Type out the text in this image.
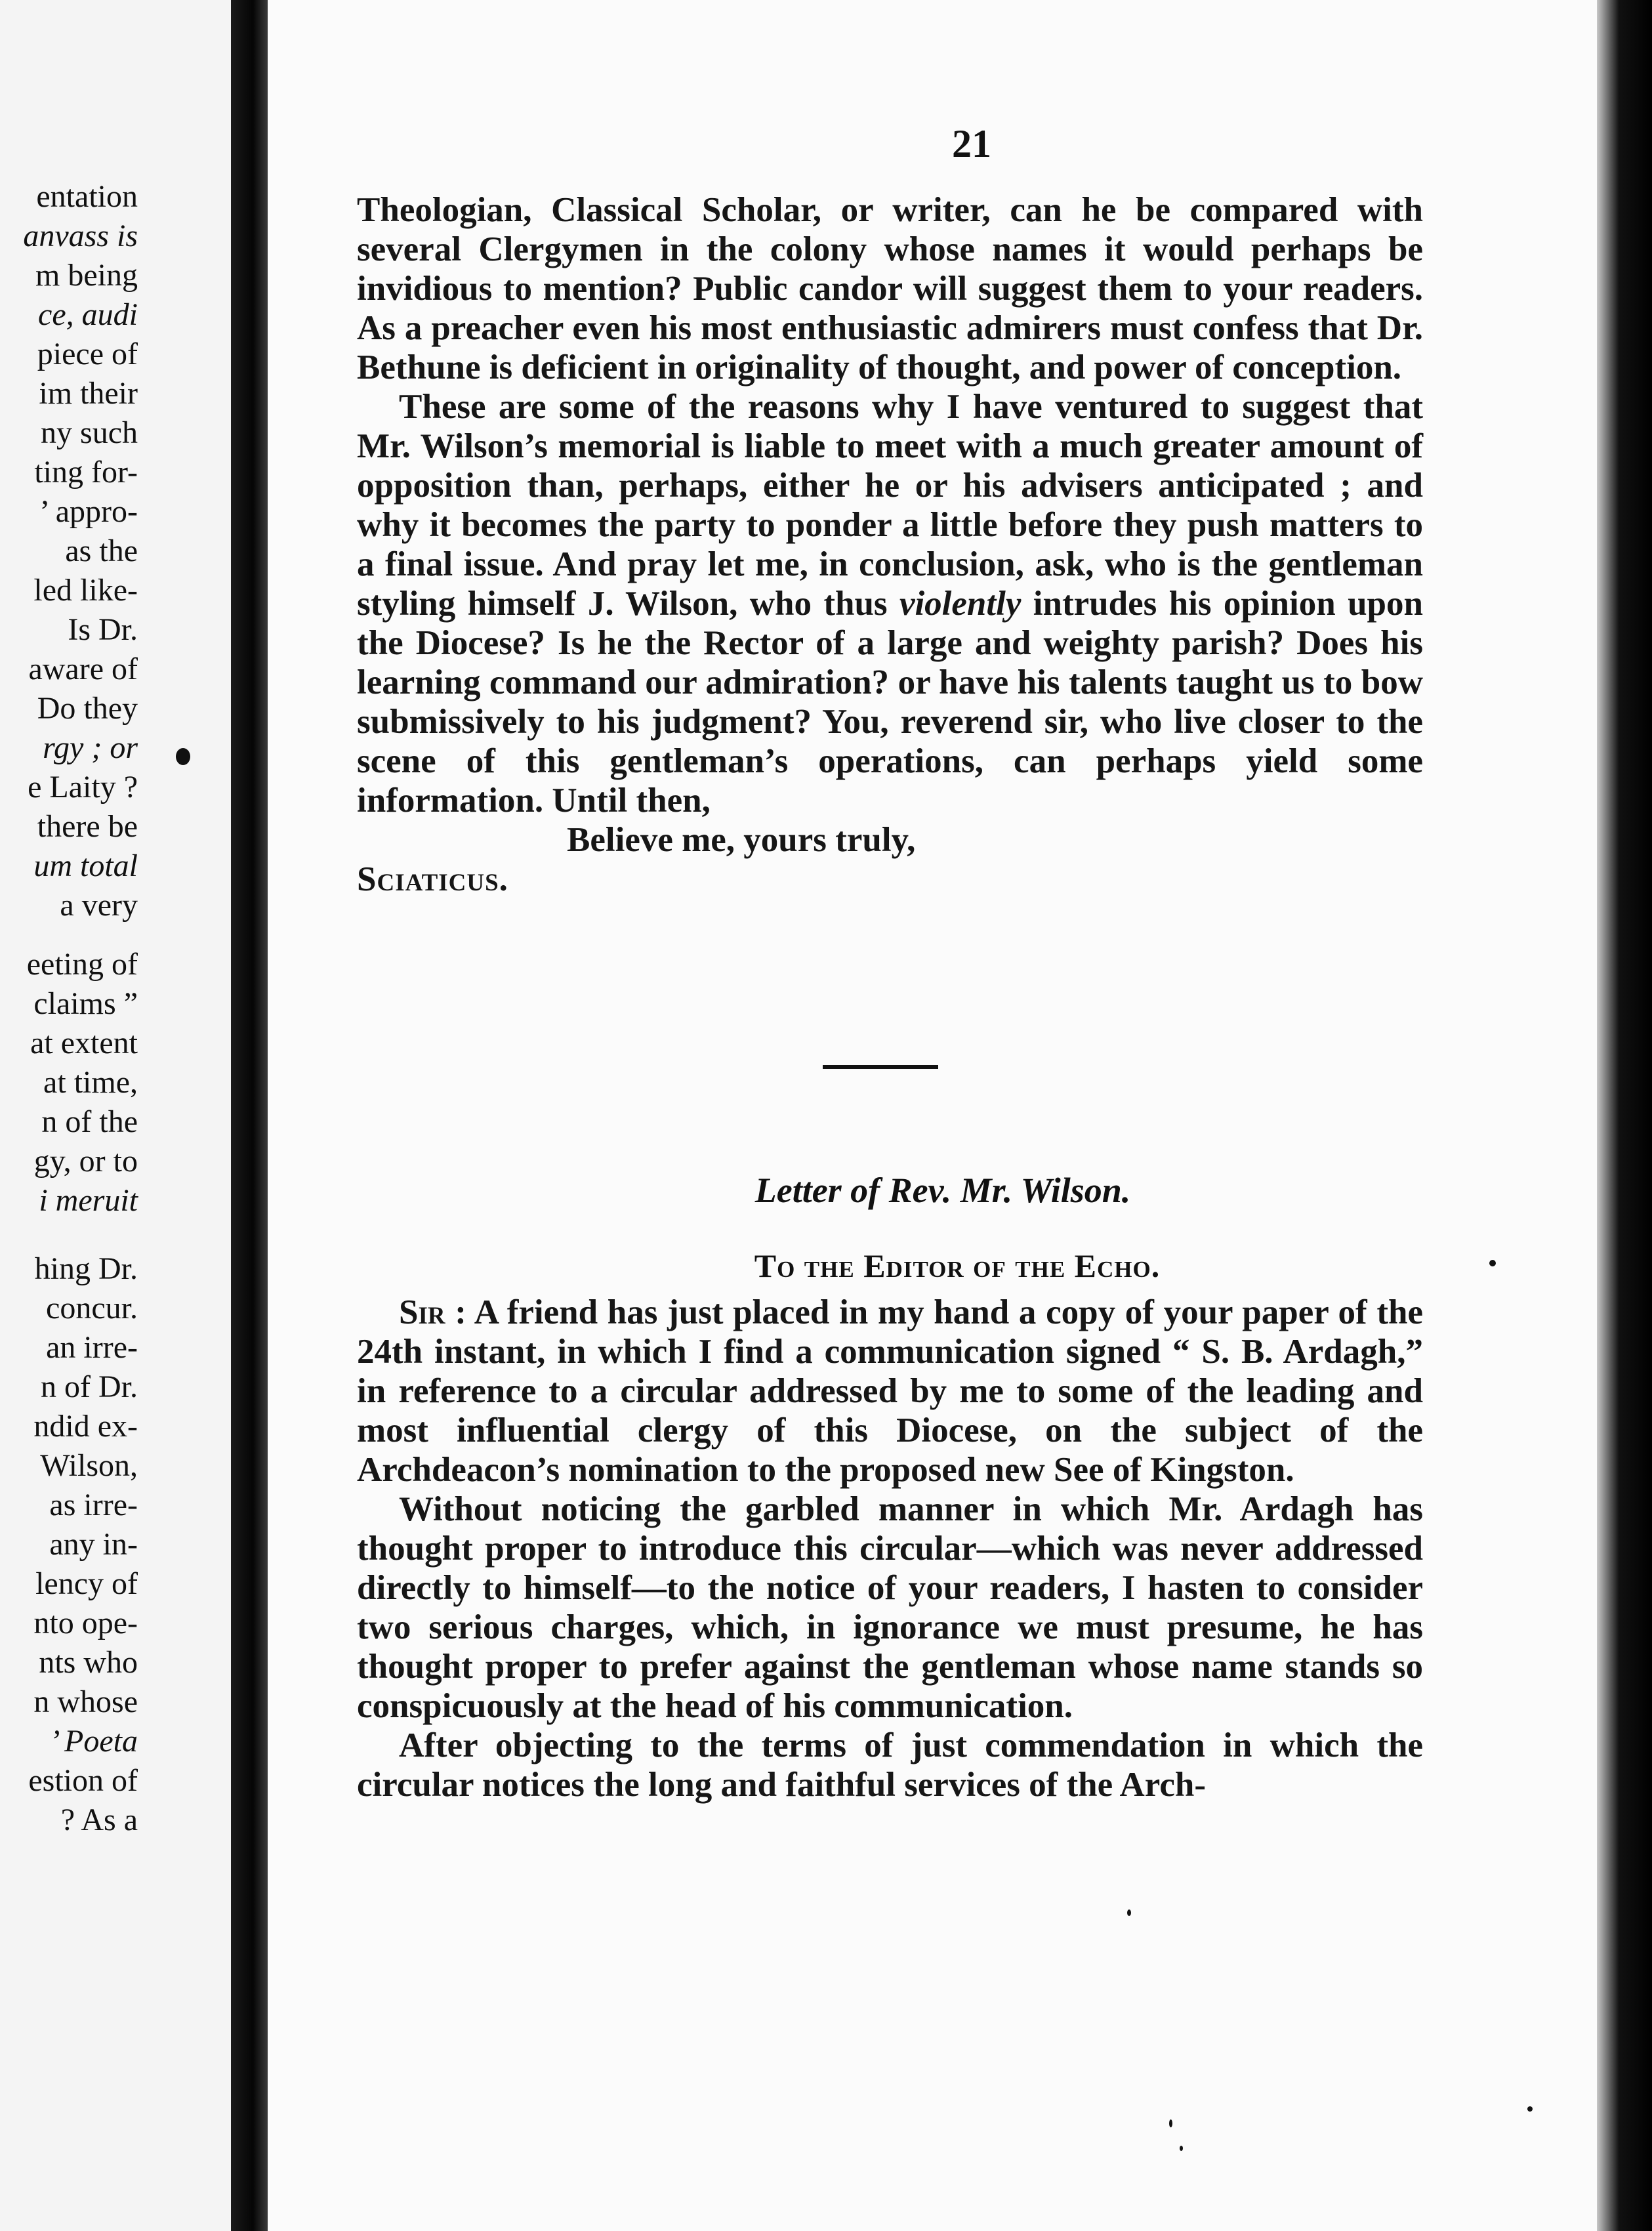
entation
anvass is
m being
ce, audi
piece of
im their
ny such
ting for-
’ appro-
as the
led like-
Is Dr.
aware of
Do they
rgy ; or
e Laity ?
there be
um total
a very
eeting of
claims ”
at extent
at time,
n of the
gy, or to
i meruit
hing Dr.
concur.
an irre-
n of Dr.
ndid ex-
Wilson,
as irre-
any in-
lency of
nto ope-
nts who
n whose
’ Poeta
estion of
? As a
21

Theologian, Classical Scholar, or writer, can he be compared with several Clergymen in the colony whose names it would perhaps be invidious to mention? Public candor will suggest them to your readers. As a preacher even his most enthusiastic admirers must confess that Dr. Bethune is deficient in originality of thought, and power of conception.

These are some of the reasons why I have ventured to suggest that Mr. Wilson’s memorial is liable to meet with a much greater amount of opposition than, perhaps, either he or his advisers anticipated ; and why it becomes the party to ponder a little before they push matters to a final issue. And pray let me, in conclusion, ask, who is the gentleman styling himself J. Wilson, who thus violently intrudes his opinion upon the Diocese? Is he the Rector of a large and weighty parish? Does his learning command our admiration? or have his talents taught us to bow submissively to his judgment? You, reverend sir, who live closer to the scene of this gentleman’s operations, can perhaps yield some information. Until then,

Believe me, yours truly,

Sciaticus.

Letter of Rev. Mr. Wilson.
To the Editor of the Echo.

Sir : A friend has just placed in my hand a copy of your paper of the 24th instant, in which I find a communication signed “ S. B. Ardagh,” in reference to a circular addressed by me to some of the leading and most influential clergy of this Diocese, on the subject of the Archdeacon’s nomination to the proposed new See of Kingston.

Without noticing the garbled manner in which Mr. Ardagh has thought proper to introduce this circular—which was never addressed directly to himself—to the notice of your readers, I hasten to consider two serious charges, which, in ignorance we must presume, he has thought proper to prefer against the gentleman whose name stands so conspicuously at the head of his communication.

After objecting to the terms of just commendation in which the circular notices the long and faithful services of the Arch-
